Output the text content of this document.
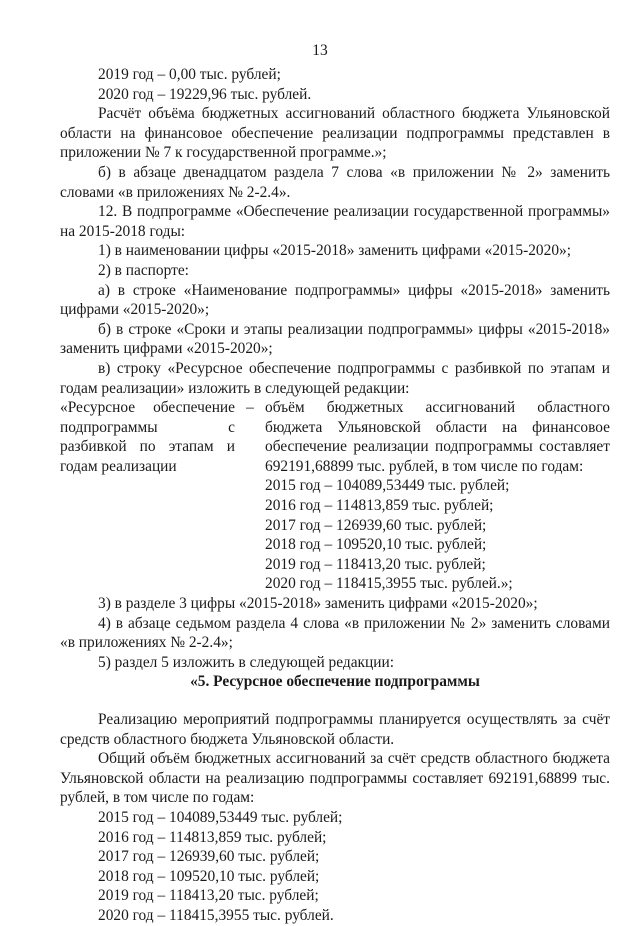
13

2019 год – 0,00 тыс. рублей;

2020 год – 19229,96 тыс. рублей.

Расчёт объёма бюджетных ассигнований областного бюджета Ульяновской области на финансовое обеспечение реализации подпрограммы представлен в приложении № 7 к государственной программе.»;

б) в абзаце двенадцатом раздела 7 слова «в приложении № 2» заменить словами «в приложениях № 2-2.4».

12. В подпрограмме «Обеспечение реализации государственной программы» на 2015-2018 годы:

1) в наименовании цифры «2015-2018» заменить цифрами «2015-2020»;

2) в паспорте:

а) в строке «Наименование подпрограммы» цифры «2015-2018» заменить цифрами «2015-2020»;

б) в строке «Сроки и этапы реализации подпрограммы» цифры «2015-2018» заменить цифрами «2015-2020»;

в) строку «Ресурсное обеспечение подпрограммы с разбивкой по этапам и годам реализации» изложить в следующей редакции:

«Ресурсное обеспечение подпрограммы с разбивкой по этапам и годам реализации
– объём бюджетных ассигнований областного бюджета Ульяновской области на финансовое обеспечение реализации подпрограммы составляет 692191,68899 тыс. рублей, в том числе по годам:

2015 год – 104089,53449 тыс. рублей;

2016 год – 114813,859 тыс. рублей;

2017 год – 126939,60 тыс. рублей;

2018 год – 109520,10 тыс. рублей;

2019 год – 118413,20 тыс. рублей;

2020 год – 118415,3955 тыс. рублей.»;

3) в разделе 3 цифры «2015-2018» заменить цифрами «2015-2020»;

4) в абзаце седьмом раздела 4 слова «в приложении № 2» заменить словами «в приложениях № 2-2.4»;

5) раздел 5 изложить в следующей редакции:

«5. Ресурсное обеспечение подпрограммы

Реализацию мероприятий подпрограммы планируется осуществлять за счёт средств областного бюджета Ульяновской области.

Общий объём бюджетных ассигнований за счёт средств областного бюджета Ульяновской области на реализацию подпрограммы составляет 692191,68899 тыс. рублей, в том числе по годам:

2015 год – 104089,53449 тыс. рублей;

2016 год – 114813,859 тыс. рублей;

2017 год – 126939,60 тыс. рублей;

2018 год – 109520,10 тыс. рублей;

2019 год – 118413,20 тыс. рублей;

2020 год – 118415,3955 тыс. рублей.
